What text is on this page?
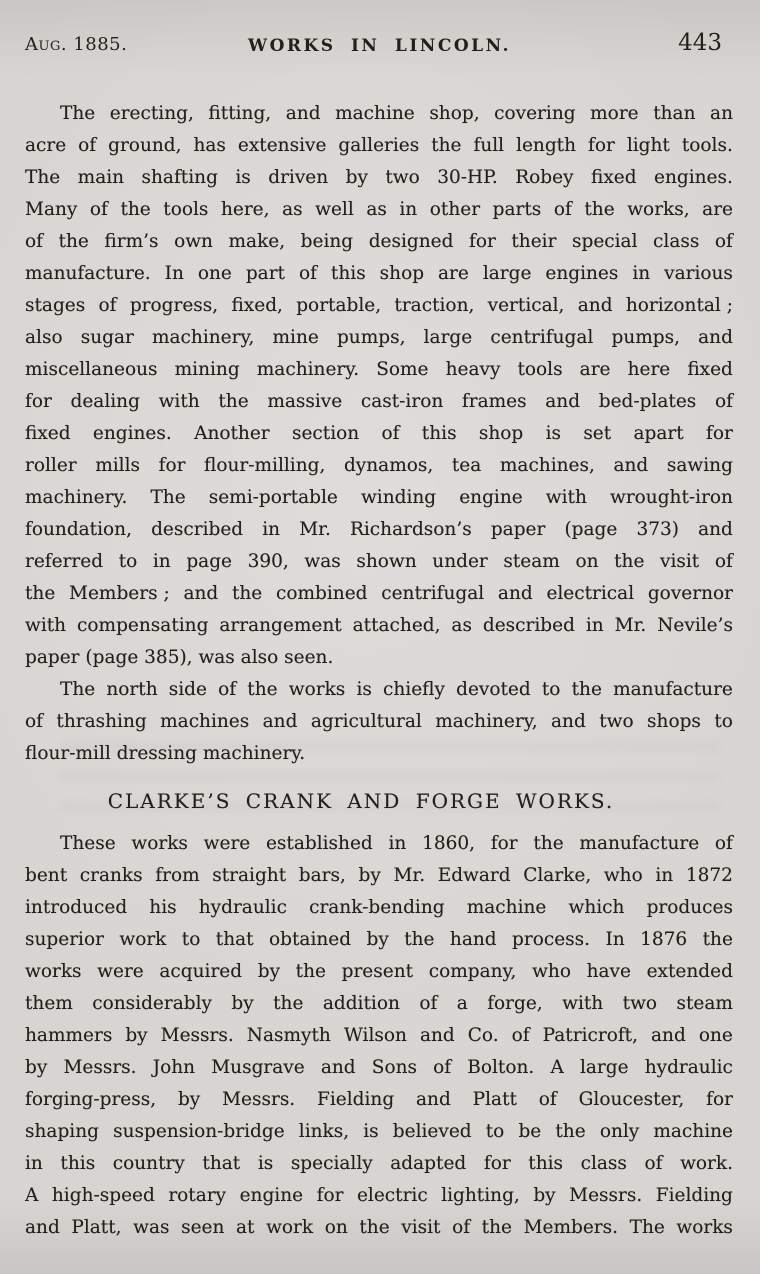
Aug. 1885.	WORKS IN LINCOLN.	443
The erecting, fitting, and machine shop, covering more than an
acre of ground, has extensive galleries the full length for light tools.
The main shafting is driven by two 30-HP. Robey fixed engines.
Many of the tools here, as well as in other parts of the works, are
of the firm’s own make, being designed for their special class of
manufacture. In one part of this shop are large engines in various
stages of progress, fixed, portable, traction, vertical, and horizontal ;
also sugar machinery, mine pumps, large centrifugal pumps, and
miscellaneous mining machinery. Some heavy tools are here fixed
for dealing with the massive cast-iron frames and bed-plates of
fixed engines. Another section of this shop is set apart for
roller mills for flour-milling, dynamos, tea machines, and sawing
machinery. The semi-portable winding engine with wrought-iron
foundation, described in Mr. Richardson’s paper (page 373) and
referred to in page 390, was shown under steam on the visit of
the Members ; and the combined centrifugal and electrical governor
with compensating arrangement attached, as described in Mr. Nevile’s
paper (page 385), was also seen.
The north side of the works is chiefly devoted to the manufacture
of thrashing machines and agricultural machinery, and two shops to
flour-mill dressing machinery.
CLARKE’S CRANK AND FORGE WORKS.
These works were established in 1860, for the manufacture of
bent cranks from straight bars, by Mr. Edward Clarke, who in 1872
introduced his hydraulic crank-bending machine which produces
superior work to that obtained by the hand process. In 1876 the
works were acquired by the present company, who have extended
them considerably by the addition of a forge, with two steam
hammers by Messrs. Nasmyth Wilson and Co. of Patricroft, and one
by Messrs. John Musgrave and Sons of Bolton. A large hydraulic
forging-press, by Messrs. Fielding and Platt of Gloucester, for
shaping suspension-bridge links, is believed to be the only machine
in this country that is specially adapted for this class of work.
A high-speed rotary engine for electric lighting, by Messrs. Fielding
and Platt, was seen at work on the visit of the Members. The works
